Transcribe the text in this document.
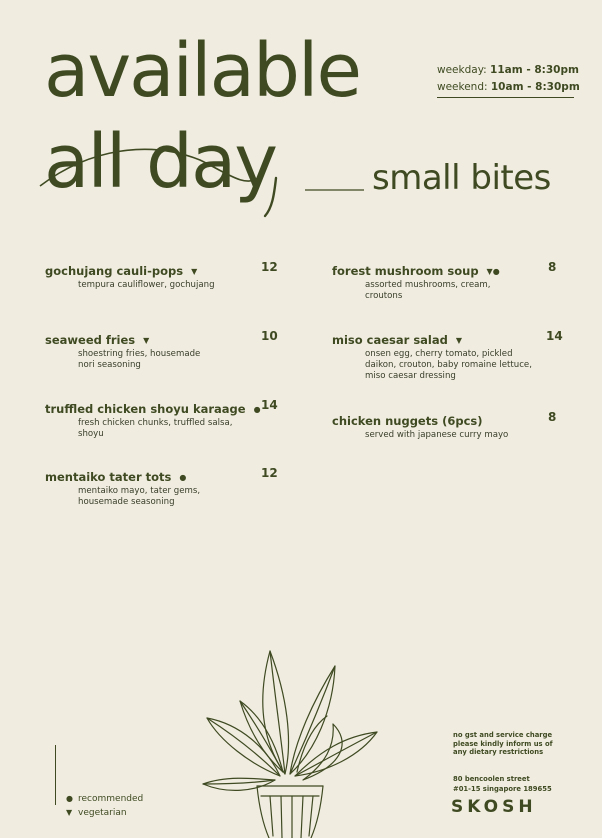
available
all day	small bites
weekday: 11am - 8:30pm
weekend: 10am - 8:30pm
gochujang cauli-pops ▼	12
tempura cauliflower, gochujang
seaweed fries ▼	10
shoestring fries, housemade
nori seasoning
truffled chicken shoyu karaage ● 14
fresh chicken chunks, truffled salsa,
shoyu
mentaiko tater tots ●	12
mentaiko mayo, tater gems,
housemade seasoning
forest mushroom soup ▼●	8
assorted mushrooms, cream,
croutons
miso caesar salad ▼	14
onsen egg, cherry tomato, pickled
daikon, crouton, baby romaine lettuce,
miso caesar dressing
chicken nuggets (6pcs)	8
served with japanese curry mayo
● recommended
▼ vegetarian
no gst and service charge
please kindly inform us of
any dietary restrictions
80 bencoolen street
#01-15 singapore 189655
SKOSH
